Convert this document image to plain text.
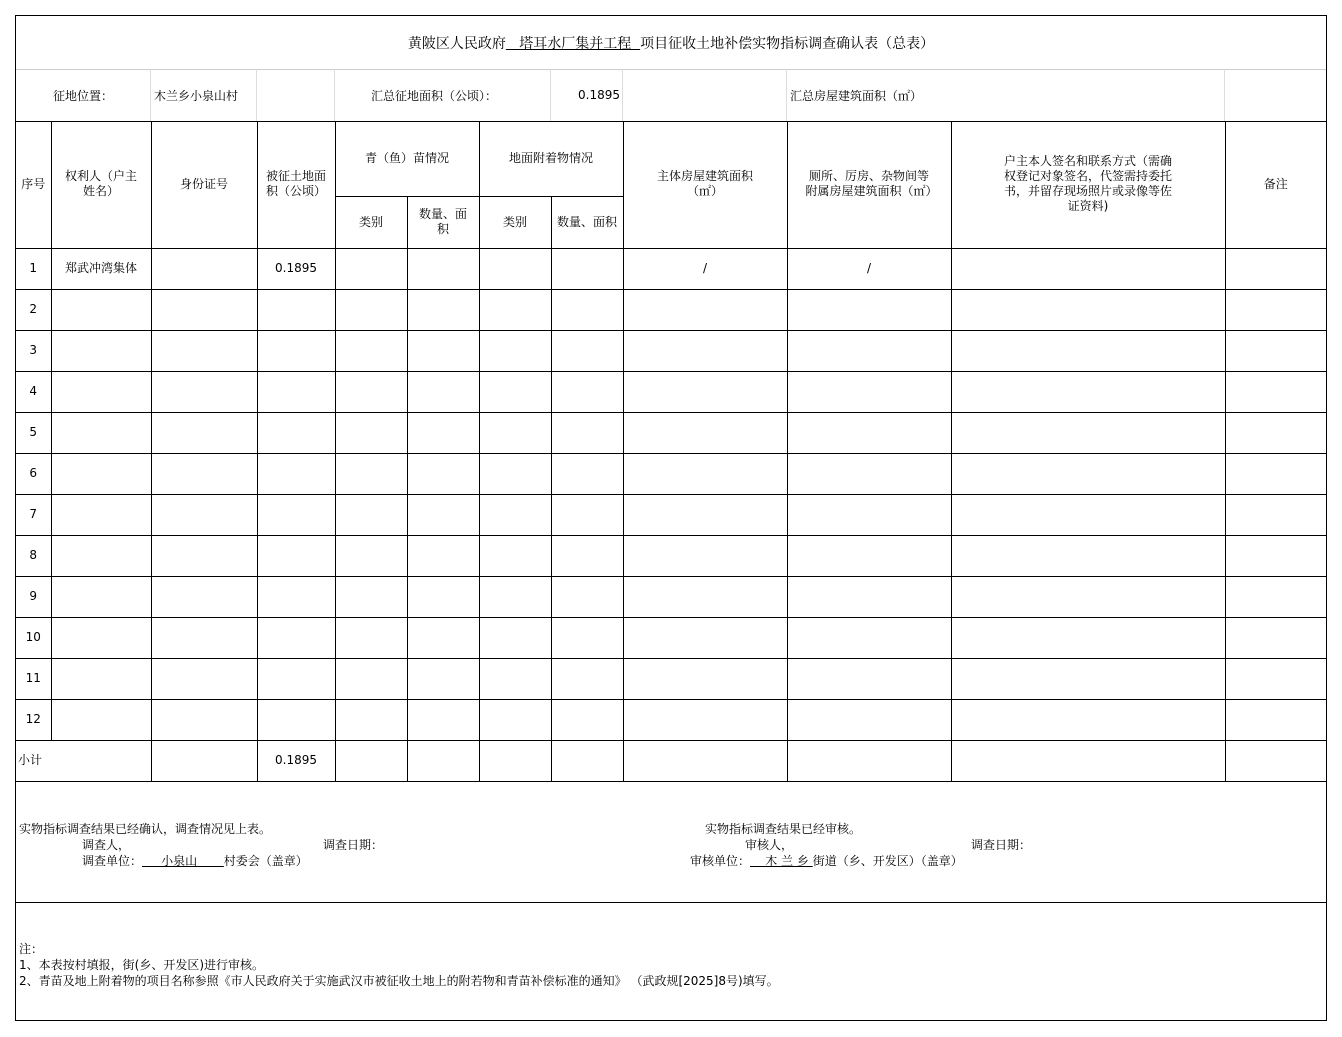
黄陂区人民政府 塔耳水厂集并工程 项目征收土地补偿实物指标调查确认表（总表）
征地位置：	木兰乡小泉山村	汇总征地面积（公顷）：	0.1895	汇总房屋建筑面积（㎡）
序号	权利人（户主姓名）	身份证号	被征土地面积（公顷）	青（鱼）苗情况		地面附着物情况		主体房屋建筑面积（㎡）	厕所、厉房、杂物间等附属房屋建筑面积（㎡）	户主本人签名和联系方式（需确权登记对象签名，代签需持委托书，并留存现场照片或录像等佐证资料)	备注
				类别	数量、面积	类别	数量、面积				
1	郑武冲湾集体		0.1895					/	/		
2											
3											
4											
5											
6											
7											
8											
9											
10											
11											
12											
小计			0.1895								
实物指标调查结果已经确认，调查情况见上表。
调查人，	调查日期：
调查单位：     小泉山       村委会（盖章）
实物指标调查结果已经审核。
审核人，	调查日期：
审核单位：    木 兰 乡 街道（乡、开发区）（盖章）
注：
1、本表按村填报，街(乡、开发区)进行审核。
2、青苗及地上附着物的项目名称参照《市人民政府关于实施武汉市被征收土地上的附若物和青苗补偿标准的通知》 （武政规[2025]8号)填写。
